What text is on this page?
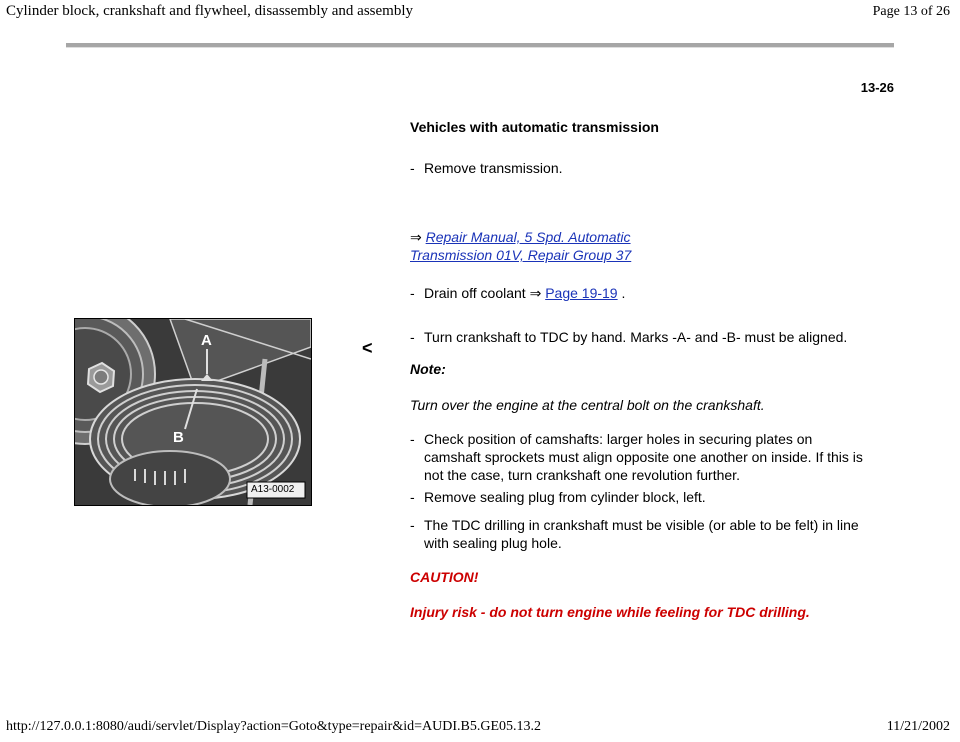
Cylinder block, crankshaft and flywheel, disassembly and assembly	Page 13 of 26
13-26
Vehicles with automatic transmission
- Remove transmission.
⇒ Repair Manual, 5 Spd. Automatic
Transmission 01V, Repair Group 37
- Drain off coolant ⇒ Page 19-19 .
A
B
A13-0002
<
- Turn crankshaft to TDC by hand. Marks -A- and -B- must be aligned.
Note:
Turn over the engine at the central bolt on the crankshaft.
- Check position of camshafts: larger holes in securing plates on
camshaft sprockets must align opposite one another on inside. If this is
not the case, turn crankshaft one revolution further.
- Remove sealing plug from cylinder block, left.
- The TDC drilling in crankshaft must be visible (or able to be felt) in line
with sealing plug hole.
CAUTION!
Injury risk - do not turn engine while feeling for TDC drilling.
http://127.0.0.1:8080/audi/servlet/Display?action=Goto&type=repair&id=AUDI.B5.GE05.13.2	11/21/2002
